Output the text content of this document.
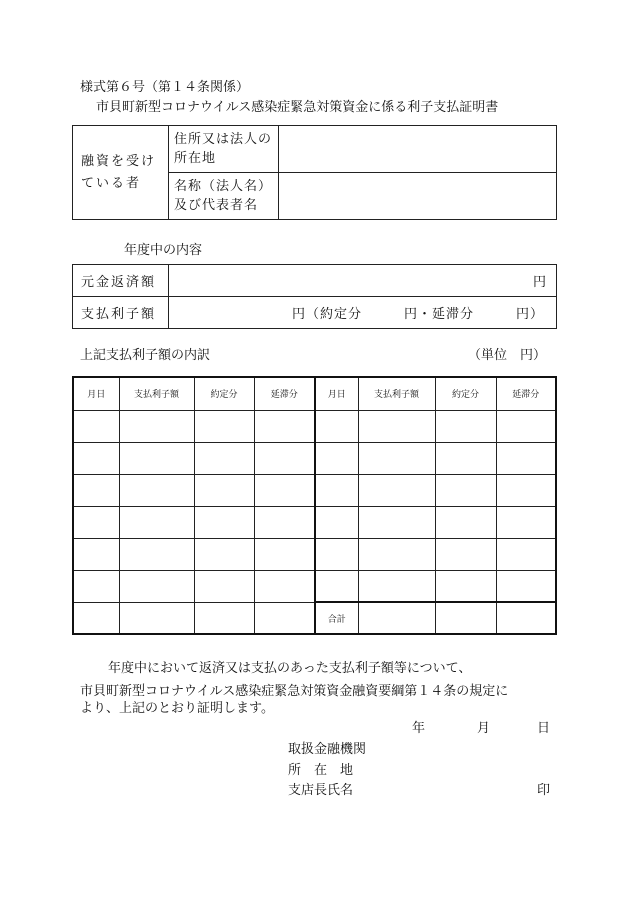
様式第６号（第１４条関係）
市貝町新型コロナウイルス感染症緊急対策資金に係る利子支払証明書
融資を受けている者	住所又は法人の所在地	

	名称（法人名）及び代表者名	

年度中の内容
元金返済額	円
支払利子額	円（約定分　　　円・延滞分　　　円）
上記支払利子額の内訳	（単位　円）
月日	支払利子額	約定分	延滞分	月日	支払利子額	約定分	延滞分

				合計			
年度中において返済又は支払のあった支払利子額等について、
市貝町新型コロナウイルス感染症緊急対策資金融資要綱第１４条の規定に
より、上記のとおり証明します。
年	月	日
取扱金融機関
所　在　地
支店長氏名	印
